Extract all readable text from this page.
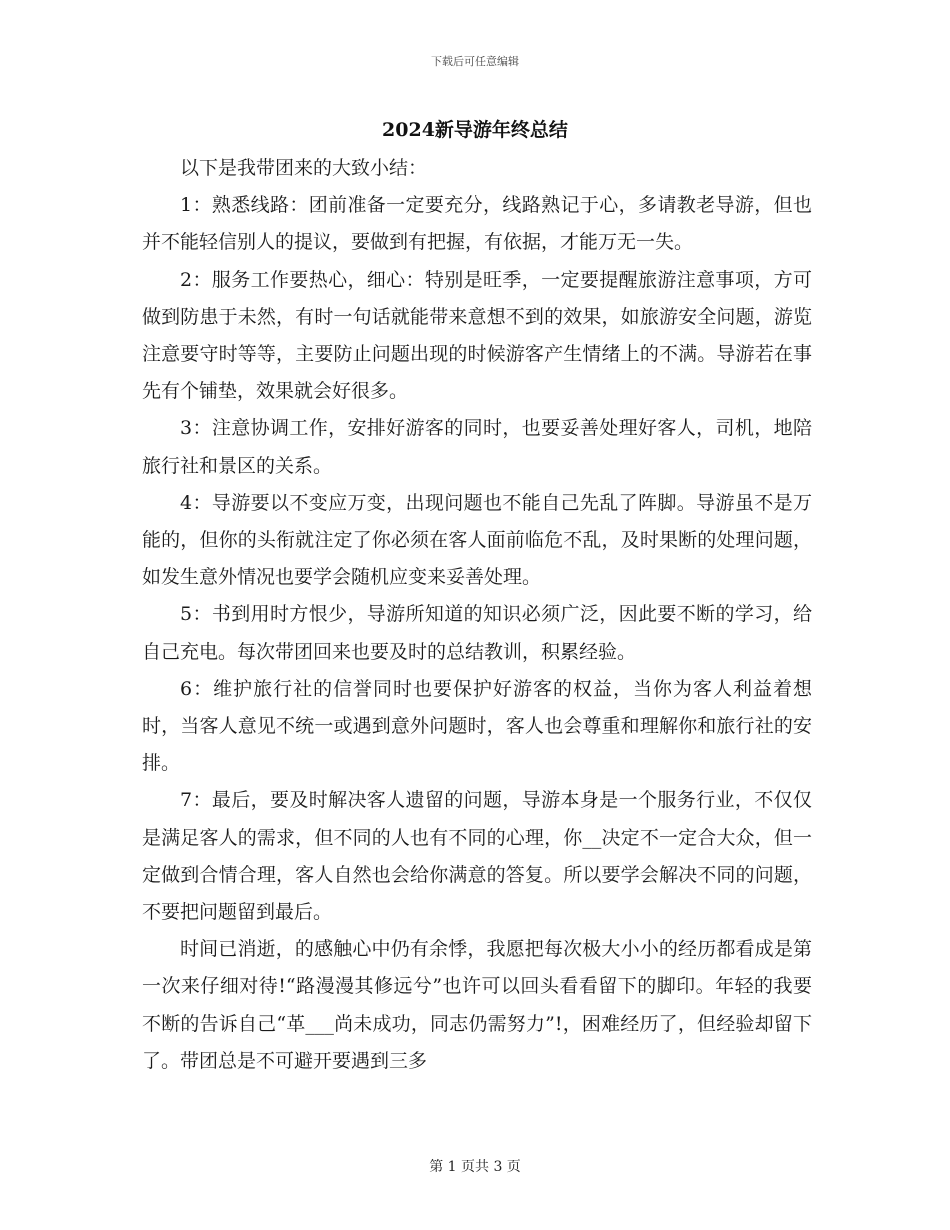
下载后可任意编辑
2024新导游年终总结

以下是我带团来的大致小结：

1：熟悉线路：团前准备一定要充分，线路熟记于心，多请教老导游，但也并不能轻信别人的提议，要做到有把握，有依据，才能万无一失。

2：服务工作要热心，细心：特别是旺季，一定要提醒旅游注意事项，方可做到防患于未然，有时一句话就能带来意想不到的效果，如旅游安全问题，游览注意要守时等等，主要防止问题出现的时候游客产生情绪上的不满。导游若在事先有个铺垫，效果就会好很多。

3：注意协调工作，安排好游客的同时，也要妥善处理好客人，司机，地陪旅行社和景区的关系。

4：导游要以不变应万变，出现问题也不能自己先乱了阵脚。导游虽不是万能的，但你的头衔就注定了你必须在客人面前临危不乱，及时果断的处理问题，如发生意外情况也要学会随机应变来妥善处理。

5：书到用时方恨少，导游所知道的知识必须广泛，因此要不断的学习，给自己充电。每次带团回来也要及时的总结教训，积累经验。

6：维护旅行社的信誉同时也要保护好游客的权益，当你为客人利益着想时，当客人意见不统一或遇到意外问题时，客人也会尊重和理解你和旅行社的安排。

7：最后，要及时解决客人遗留的问题，导游本身是一个服务行业，不仅仅是满足客人的需求，但不同的人也有不同的心理，你__决定不一定合大众，但一定做到合情合理，客人自然也会给你满意的答复。所以要学会解决不同的问题，不要把问题留到最后。

时间已消逝，的感触心中仍有余悸，我愿把每次极大小小的经历都看成是第一次来仔细对待!“路漫漫其修远兮”也许可以回头看看留下的脚印。年轻的我要不断的告诉自己“革___尚未成功，同志仍需努力”!，困难经历了，但经验却留下了。带团总是不可避开要遇到三多

第 1 页共 3 页
